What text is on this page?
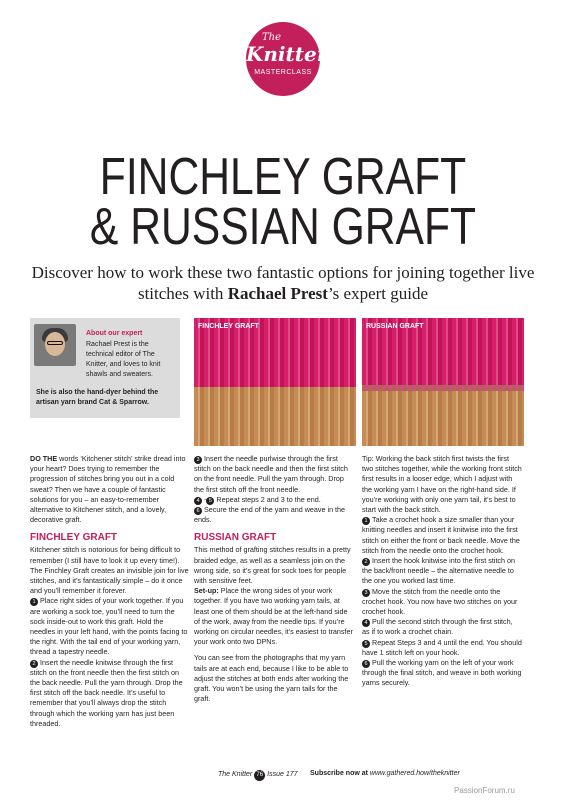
The
Knitter
MASTERCLASS
FINCHLEY GRAFT
& RUSSIAN GRAFT
Discover how to work these two fantastic options for joining together live stitches with Rachael Prest’s expert guide
About our expert
Rachael Prest is the technical editor of The Knitter, and loves to knit shawls and sweaters.
She is also the hand-dyer behind the artisan yarn brand Cat & Sparrow.
FINCHLEY GRAFT	RUSSIAN GRAFT

DO THE words ‘Kitchener stitch’ strike dread into your heart? Does trying to remember the progression of stitches bring you out in a cold sweat? Then we have a couple of fantastic solutions for you – an easy-to-remember alternative to Kitchener stitch, and a lovely, decorative graft.

FINCHLEY GRAFT

Kitchener stitch is notorious for being difficult to remember (I still have to look it up every time!). The Finchley Graft creates an invisible join for live stitches, and it’s fantastically simple – do it once and you’ll remember it forever.

1 Place right sides of your work together. If you are working a sock toe, you’ll need to turn the sock inside-out to work this graft. Hold the needles in your left hand, with the points facing to the right. With the tail end of your working yarn, thread a tapestry needle.

2 Insert the needle knitwise through the first stitch on the front needle then the first stitch on the back needle. Pull the yarn through. Drop the first stitch off the back needle. It’s useful to remember that you’ll always drop the stitch through which the working yarn has just been threaded.

3 Insert the needle purlwise through the first stitch on the back needle and then the first stitch on the front needle. Pull the yarn through. Drop the first stitch off the front needle.

4 - 5 Repeat steps 2 and 3 to the end.

6 Secure the end of the yarn and weave in the ends.

RUSSIAN GRAFT

This method of grafting stitches results in a pretty braided edge, as well as a seamless join on the wrong side, so it’s great for sock toes for people with sensitive feet.

Set-up: Place the wrong sides of your work together. If you have two working yarn tails, at least one of them should be at the left-hand side of the work, away from the needle tips. If you’re working on circular needles, it’s easiest to transfer your work onto two DPNs.

You can see from the photographs that my yarn tails are at each end, because I like to be able to adjust the stitches at both ends after working the graft. You won’t be using the yarn tails for the graft.

Tip: Working the back stitch first twists the first two stitches together, while the working front stitch first results in a looser edge, which I adjust with the working yarn I have on the right-hand side. If you’re working with only one yarn tail, it’s best to start with the back stitch.

1 Take a crochet hook a size smaller than your knitting needles and insert it knitwise into the first stitch on either the front or back needle. Move the stitch from the needle onto the crochet hook.

2 Insert the hook knitwise into the first stitch on the back/front needle – the alternative needle to the one you worked last time.

3 Move the stitch from the needle onto the crochet hook. You now have two stitches on your crochet hook.

4 Pull the second stitch through the first stitch, as if to work a crochet chain.

5 Repeat Steps 3 and 4 until the end. You should have 1 stitch left on your hook.

6 Pull the working yarn on the left of your work through the final stitch, and weave in both working yarns securely.

The Knitter 76 Issue 177 Subscribe now at www.gathered.how/theknitter
PassionForum.ru
